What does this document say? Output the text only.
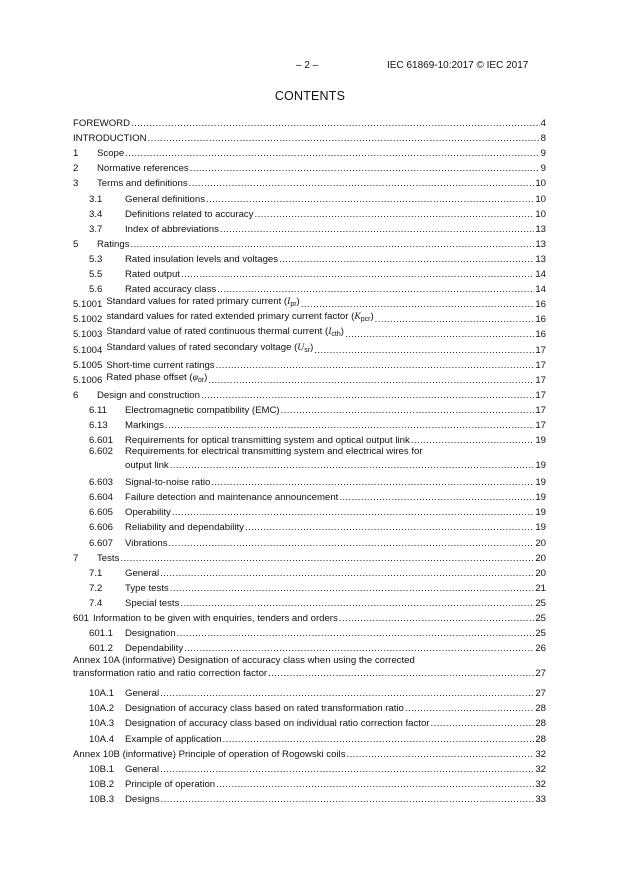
– 2 –	IEC 61869-10:2017 © IEC 2017
CONTENTS
FOREWORD .....	4
INTRODUCTION .....	8
1	Scope .....	9
2	Normative references .....	9
3	Terms and definitions .....	10
3.1	General definitions .....	10
3.4	Definitions related to accuracy .....	10
3.7	Index of abbreviations .....	13
5	Ratings .....	13
5.3	Rated insulation levels and voltages .....	13
5.5	Rated output .....	14
5.6	Rated accuracy class .....	14
5.1001 Standard values for rated primary current $(I_{pr})$ .....	16
5.1002 standard values for rated extended primary current factor $(K_{pcr})$ .....	16
5.1003 Standard value of rated continuous thermal current $(I_{cth})$ .....	16
5.1004 Standard values of rated secondary voltage $(U_{sr})$ .....	17
5.1005 Short-time current ratings .....	17
5.1006 Rated phase offset $(\varphi_{or})$ .....	17
6	Design and construction .....	17
6.11	Electromagnetic compatibility (EMC) .....	17
6.13	Markings .....	17
6.601	Requirements for optical transmitting system and optical output link .....	19
6.602	Requirements for electrical transmitting system and electrical wires for
output link .....	19
6.603	Signal-to-noise ratio .....	19
6.604	Failure detection and maintenance announcement .....	19
6.605	Operability .....	19
6.606	Reliability and dependability .....	19
6.607	Vibrations .....	20
7	Tests .....	20
7.1	General .....	20
7.2	Type tests .....	21
7.4	Special tests .....	25
601 Information to be given with enquiries, tenders and orders .....	25
601.1	Designation .....	25
601.2	Dependability .....	26
Annex 10A (informative) Designation of accuracy class when using the corrected
transformation ratio and ratio correction factor .....	27
10A.1	General .....	27
10A.2	Designation of accuracy class based on rated transformation ratio .....	28
10A.3	Designation of accuracy class based on individual ratio correction factor .....	28
10A.4	Example of application .....	28
Annex 10B (informative) Principle of operation of Rogowski coils .....	32
10B.1	General .....	32
10B.2	Principle of operation .....	32
10B.3	Designs .....	33
